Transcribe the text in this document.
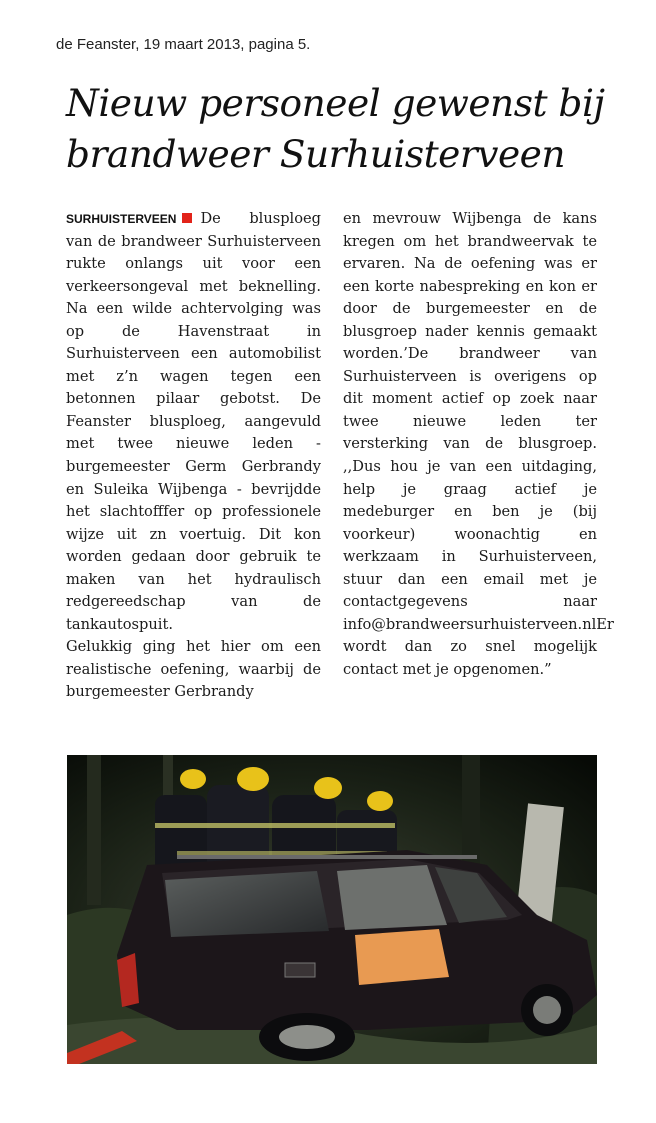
de Feanster, 19 maart 2013, pagina 5.
Nieuw personeel gewenst bij brandweer Surhuisterveen

SURHUISTERVEEN De blusploeg van de brandweer Surhuisterveen rukte onlangs uit voor een verkeersongeval met beknelling. Na een wilde achtervolging was op de Havenstraat in Surhuisterveen een automobilist met z’n wagen tegen een betonnen pilaar gebotst. De Feanster blusploeg, aangevuld met twee nieuwe leden - burgemeester Germ Gerbrandy en Suleika Wijbenga - bevrijdde het slachtofffer op professionele wijze uit zn voertuig. Dit kon worden gedaan door gebruik te maken van het hydraulisch redgereedschap van de tankautospuit.

Gelukkig ging het hier om een realistische oefening, waarbij de burgemeester Gerbrandy

en mevrouw Wijbenga de kans kregen om het brandweervak te ervaren. Na de oefening was er een korte nabespreking en kon er door de burgemeester en de blusgroep nader kennis gemaakt worden.’De brandweer van Surhuisterveen is overigens op dit moment actief op zoek naar twee nieuwe leden ter versterking van de blusgroep. ,,Dus hou je van een uitdaging, help je graag actief je medeburger en ben je (bij voorkeur) woonachtig en werkzaam in Surhuisterveen, stuur dan een email met je contactgegevens naar info@brandweersurhuisterveen.nlEr wordt dan zo snel mogelijk contact met je opgenomen.”
